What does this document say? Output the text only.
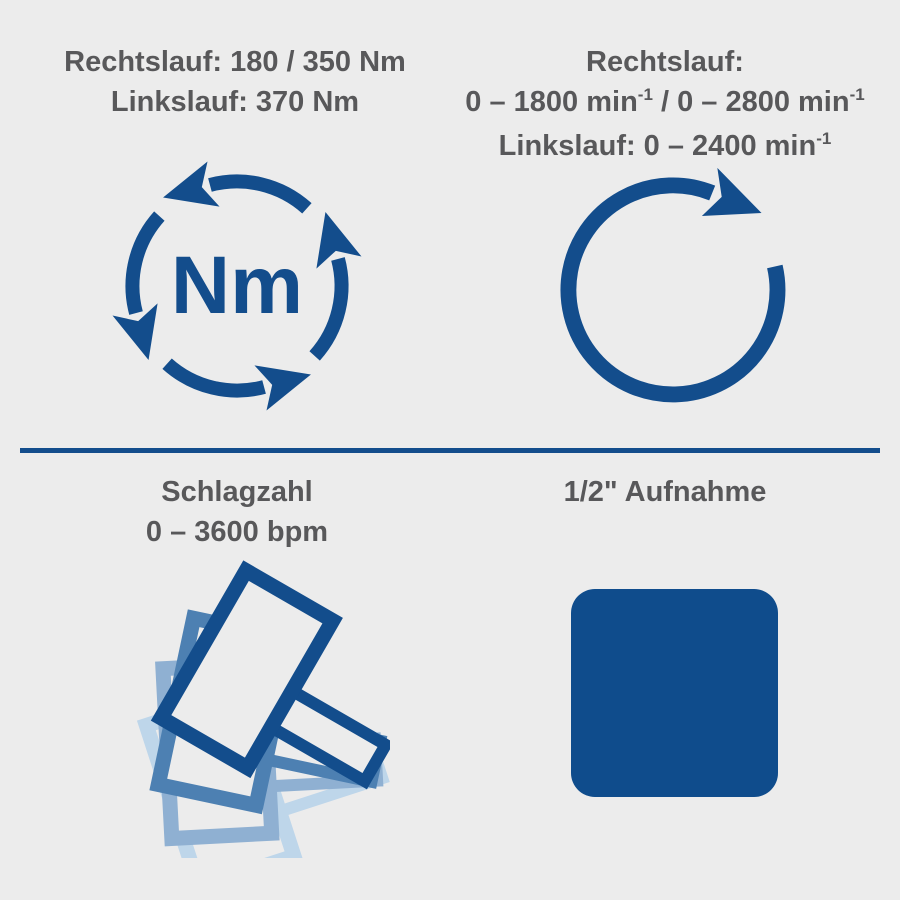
Rechtslauf: 180 / 350 Nm
Linkslauf: 370 Nm
Nm
Rechtslauf:
0 – 1800 $\min^{-1} / 0 - 2800$ $\min^{-1}$
Linkslauf: 0 – 2400 $\min^{-1}$
Schlagzahl
0 – 3600 bpm
1/2" Aufnahme
